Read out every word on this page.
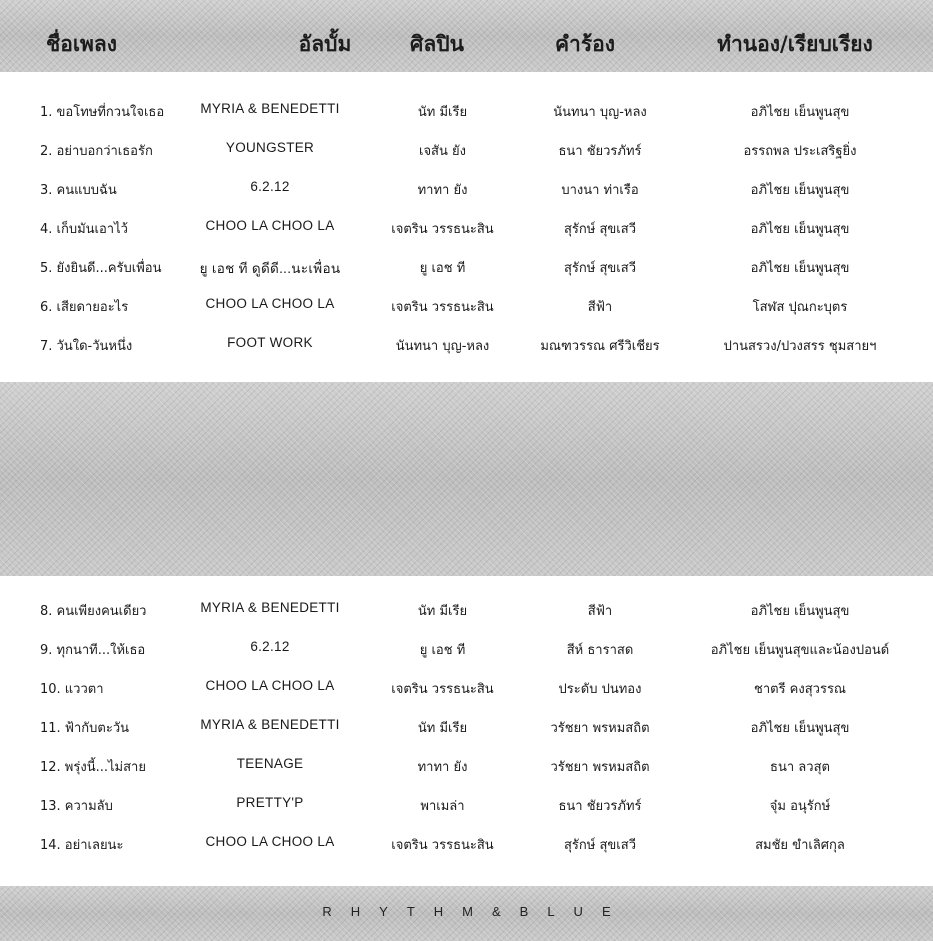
ชื่อเพลง	อัลบั้ม	ศิลปิน	คำร้อง	ทำนอง/เรียบเรียง
1. ขอโทษที่กวนใจเธอ	MYRIA & BENEDETTI	นัท มีเรีย	นันทนา บุญ-หลง	อภิไชย เย็นพูนสุข
2. อย่าบอกว่าเธอรัก	YOUNGSTER	เจสัน ยัง	ธนา ชัยวรภัทร์	อรรถพล ประเสริฐยิ่ง
3. คนแบบฉัน	6.2.12	ทาทา ยัง	บางนา ท่าเรือ	อภิไชย เย็นพูนสุข
4. เก็บมันเอาไว้	CHOO LA CHOO LA	เจตริน วรรธนะสิน	สุรักษ์ สุขเสวี	อภิไชย เย็นพูนสุข
5. ยังยินดี...ครับเพื่อน	ยู เอช ที ดูดีดี...นะเพื่อน	ยู เอช ที	สุรักษ์ สุขเสวี	อภิไชย เย็นพูนสุข
6. เสียดายอะไร	CHOO LA CHOO LA	เจตริน วรรธนะสิน	สีฟ้า	โสฬส ปุณกะบุตร
7. วันใด-วันหนึ่ง	FOOT WORK	นันทนา บุญ-หลง	มณฑวรรณ ศรีวิเชียร	ปานสรวง/ปวงสรร ชุมสายฯ
8. คนเพียงคนเดียว	MYRIA & BENEDETTI	นัท มีเรีย	สีฟ้า	อภิไชย เย็นพูนสุข
9. ทุกนาที...ให้เธอ	6.2.12	ยู เอช ที	สีห์ ธาราสด	อภิไชย เย็นพูนสุขและน้องปอนด์
10. แววตา	CHOO LA CHOO LA	เจตริน วรรธนะสิน	ประดับ ปนทอง	ชาตรี คงสุวรรณ
11. ฟ้ากับตะวัน	MYRIA & BENEDETTI	นัท มีเรีย	วรัชยา พรหมสถิต	อภิไชย เย็นพูนสุข
12. พรุ่งนี้...ไม่สาย	TEENAGE	ทาทา ยัง	วรัชยา พรหมสถิต	ธนา ลวสุต
13. ความลับ	PRETTY'P	พาเมล่า	ธนา ชัยวรภัทร์	จุ๋ม อนุรักษ์
14. อย่าเลยนะ	CHOO LA CHOO LA	เจตริน วรรธนะสิน	สุรักษ์ สุขเสวี	สมชัย ขำเลิศกุล
RHYTHM&BLUE
